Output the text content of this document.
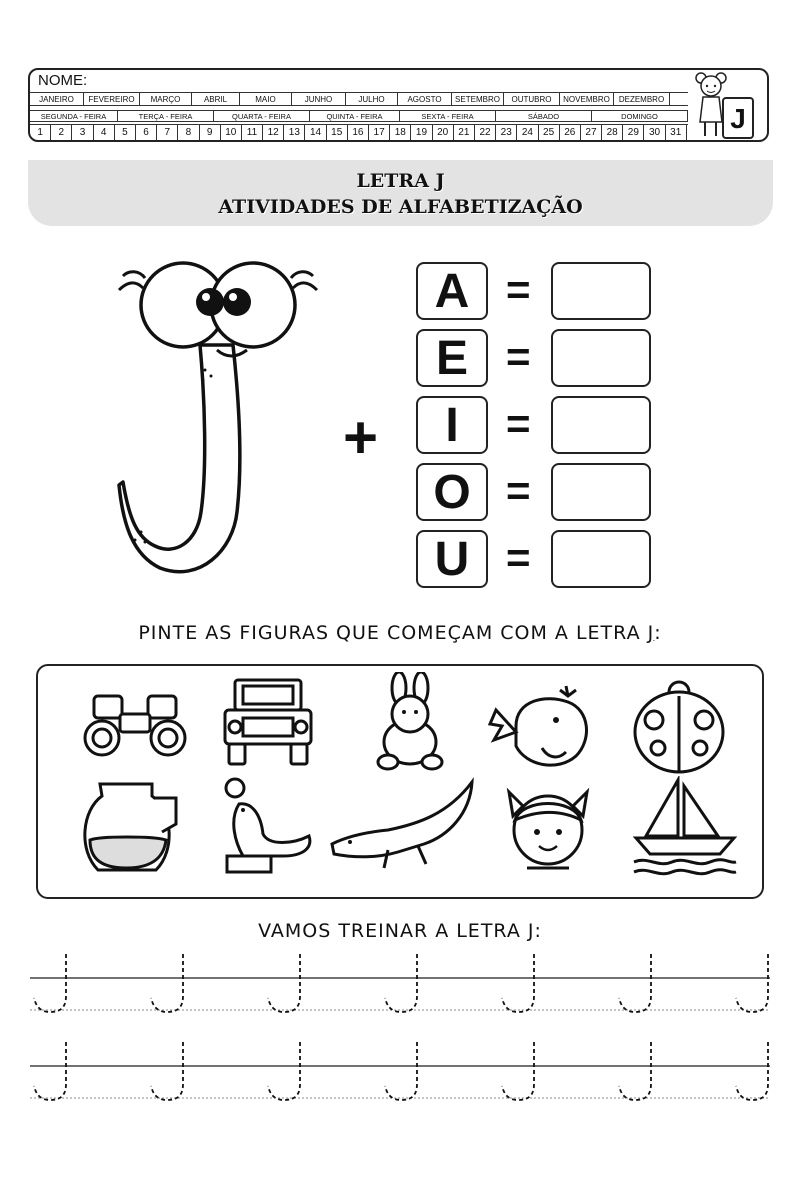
NOME:
JANEIRO	FEVEREIRO	MARÇO	ABRIL	MAIO	JUNHO	JULHO	AGOSTO	SETEMBRO	OUTUBRO	NOVEMBRO	DEZEMBRO
SEGUNDA - FEIRA	TERÇA - FEIRA	QUARTA - FEIRA	QUINTA - FEIRA	SEXTA - FEIRA	SÁBADO	DOMINGO
1	2	3	4	5	6	7	8	9	10	11	12	13	14	15	16	17	18	19	20	21	22	23	24	25	26	27	28	29	30	31 J
LETRA J
ATIVIDADES DE ALFABETIZAÇÃO
+
A =
E =
I	=
O =
U =
PINTE AS FIGURAS QUE COMEÇAM COM A LETRA J:
VAMOS TREINAR A LETRA J:
